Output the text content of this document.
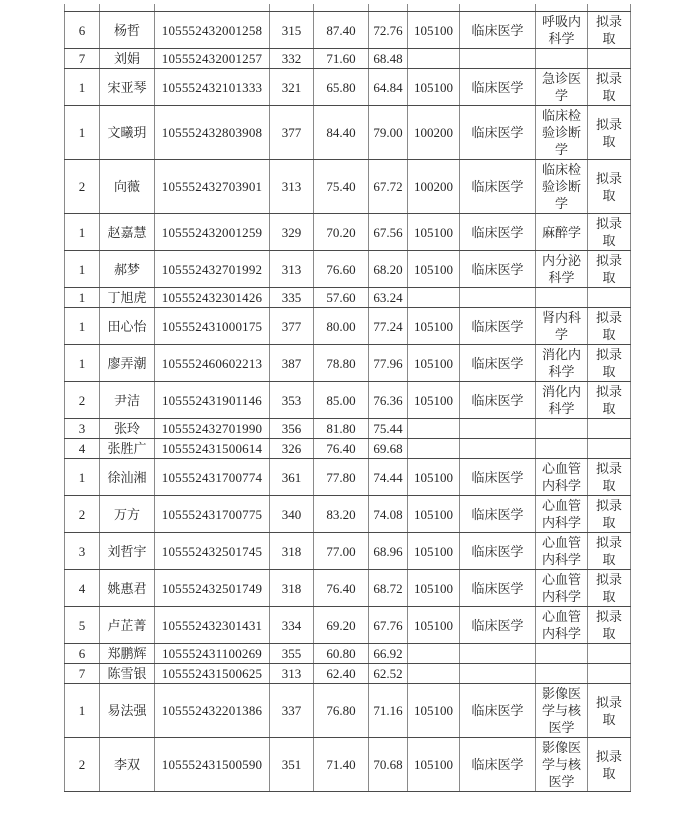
6	杨哲	105552432001258	315	87.40	72.76	105100	临床医学	呼吸内科学	拟录取
7	刘娟	105552432001257	332	71.60	68.48				
1	宋亚琴	105552432101333	321	65.80	64.84	105100	临床医学	急诊医学	拟录取
1	文曦玥	105552432803908	377	84.40	79.00	100200	临床医学	临床检验诊断学	拟录取
2	向薇	105552432703901	313	75.40	67.72	100200	临床医学	临床检验诊断学	拟录取
1	赵嘉慧	105552432001259	329	70.20	67.56	105100	临床医学	麻醉学	拟录取
1	郝梦	105552432701992	313	76.60	68.20	105100	临床医学	内分泌科学	拟录取
1	丁旭虎	105552432301426	335	57.60	63.24				
1	田心怡	105552431000175	377	80.00	77.24	105100	临床医学	肾内科学	拟录取
1	廖弄潮	105552460602213	387	78.80	77.96	105100	临床医学	消化内科学	拟录取
2	尹洁	105552431901146	353	85.00	76.36	105100	临床医学	消化内科学	拟录取
3	张玲	105552432701990	356	81.80	75.44				
4	张胜广	105552431500614	326	76.40	69.68				
1	徐汕湘	105552431700774	361	77.80	74.44	105100	临床医学	心血管内科学	拟录取
2	万方	105552431700775	340	83.20	74.08	105100	临床医学	心血管内科学	拟录取
3	刘哲宇	105552432501745	318	77.00	68.96	105100	临床医学	心血管内科学	拟录取
4	姚惠君	105552432501749	318	76.40	68.72	105100	临床医学	心血管内科学	拟录取
5	卢芷菁	105552432301431	334	69.20	67.76	105100	临床医学	心血管内科学	拟录取
6	郑鹏辉	105552431100269	355	60.80	66.92				
7	陈雪银	105552431500625	313	62.40	62.52				
1	易法强	105552432201386	337	76.80	71.16	105100	临床医学	影像医学与核医学	拟录取
2	李双	105552431500590	351	71.40	70.68	105100	临床医学	影像医学与核医学	拟录取
